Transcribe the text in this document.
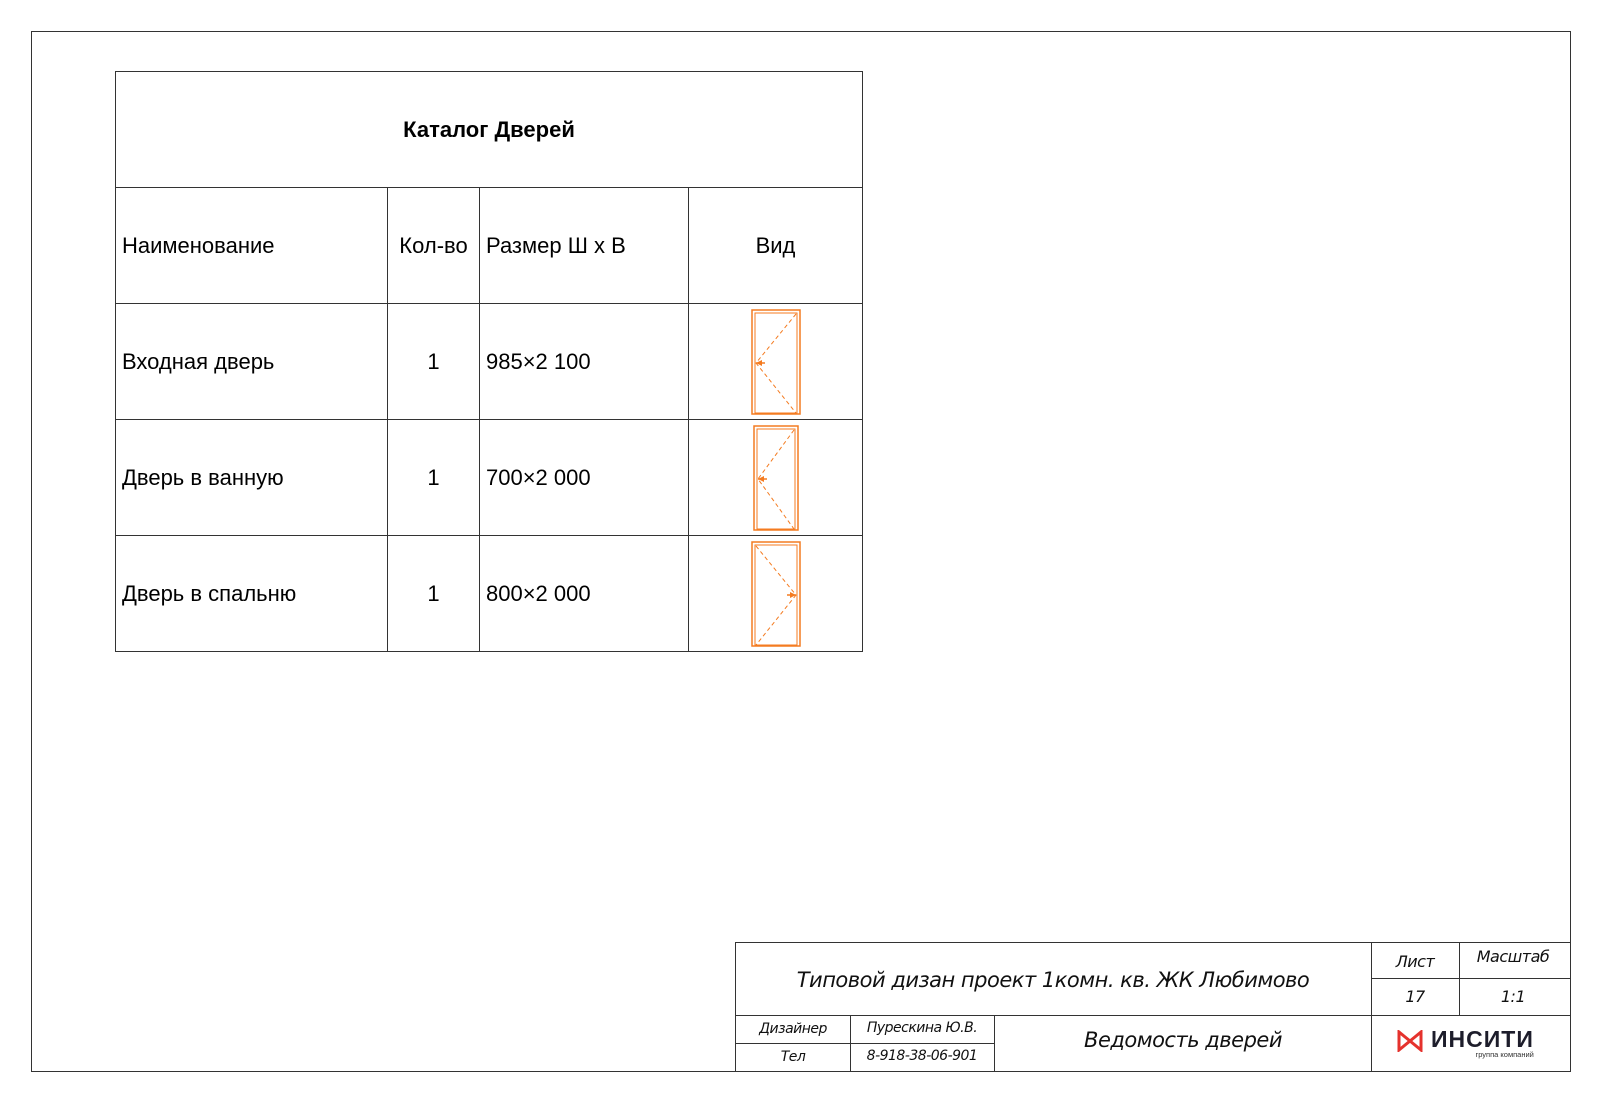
Каталог Дверей			
Наименование	Кол-во	Размер Ш х В	Вид
Входная дверь	1	985×2 100	

Дверь в ванную	1	700×2 000	

Дверь в спальню	1	800×2 000	
Типовой дизан проект 1комн. кв. ЖК Любимово
Лист	Масштаб
17	1:1
Дизайнер	Пурескина Ю.В.
Тел	8-918-38-06-901
Ведомость дверей	ИНСИТИ
группа компаний
